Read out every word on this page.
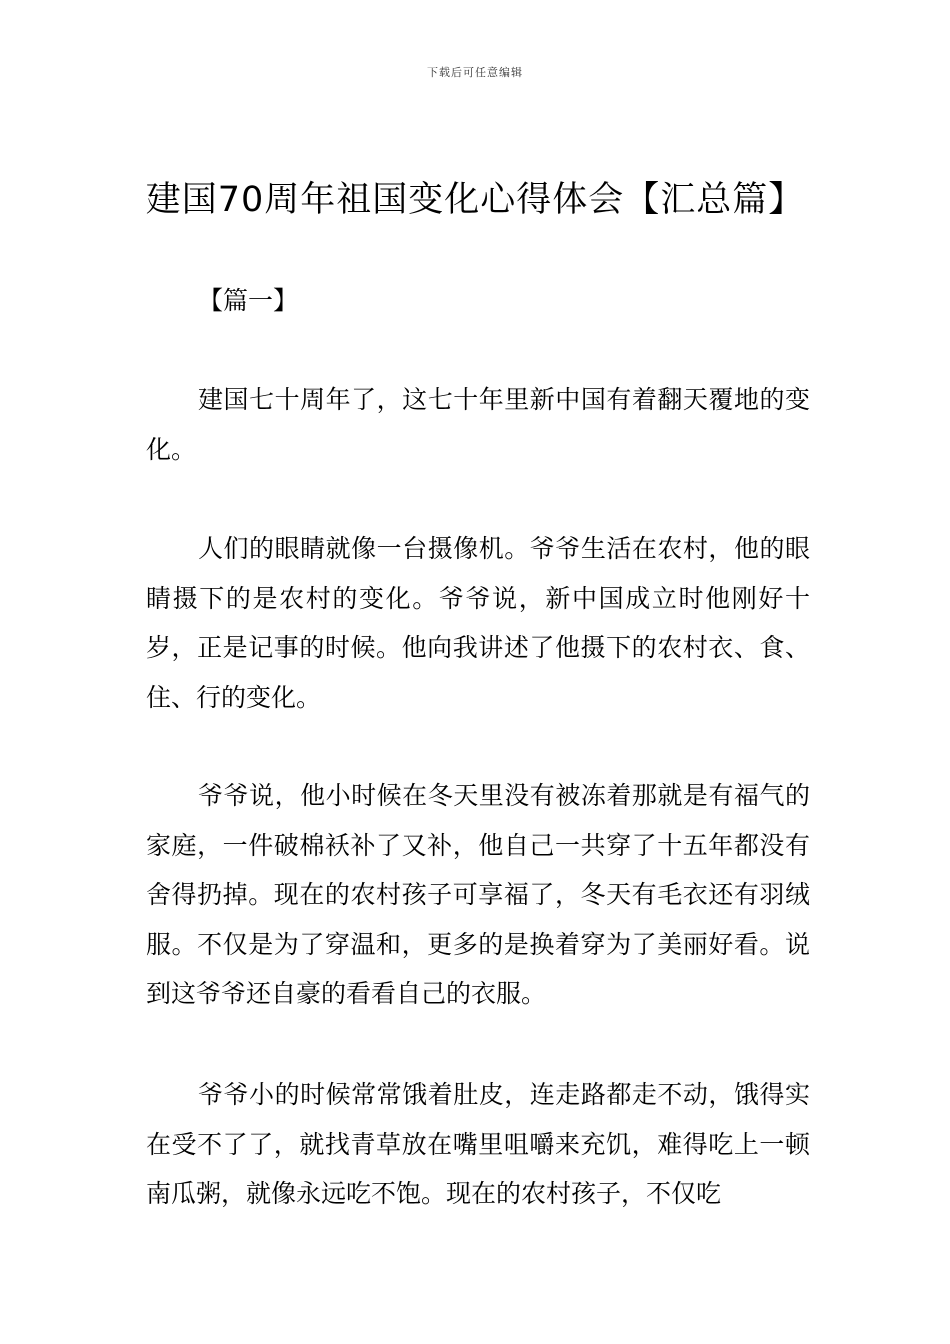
下载后可任意编辑
建国70周年祖国变化心得体会【汇总篇】
【篇一】

建国七十周年了，这七十年里新中国有着翻天覆地的变化。

人们的眼睛就像一台摄像机。爷爷生活在农村，他的眼睛摄下的是农村的变化。爷爷说，新中国成立时他刚好十岁，正是记事的时候。他向我讲述了他摄下的农村衣、食、住、行的变化。

爷爷说，他小时候在冬天里没有被冻着那就是有福气的家庭，一件破棉袄补了又补，他自己一共穿了十五年都没有舍得扔掉。现在的农村孩子可享福了，冬天有毛衣还有羽绒服。不仅是为了穿温和，更多的是换着穿为了美丽好看。说到这爷爷还自豪的看看自己的衣服。

爷爷小的时候常常饿着肚皮，连走路都走不动，饿得实在受不了了，就找青草放在嘴里咀嚼来充饥，难得吃上一顿南瓜粥，就像永远吃不饱。现在的农村孩子，不仅吃
